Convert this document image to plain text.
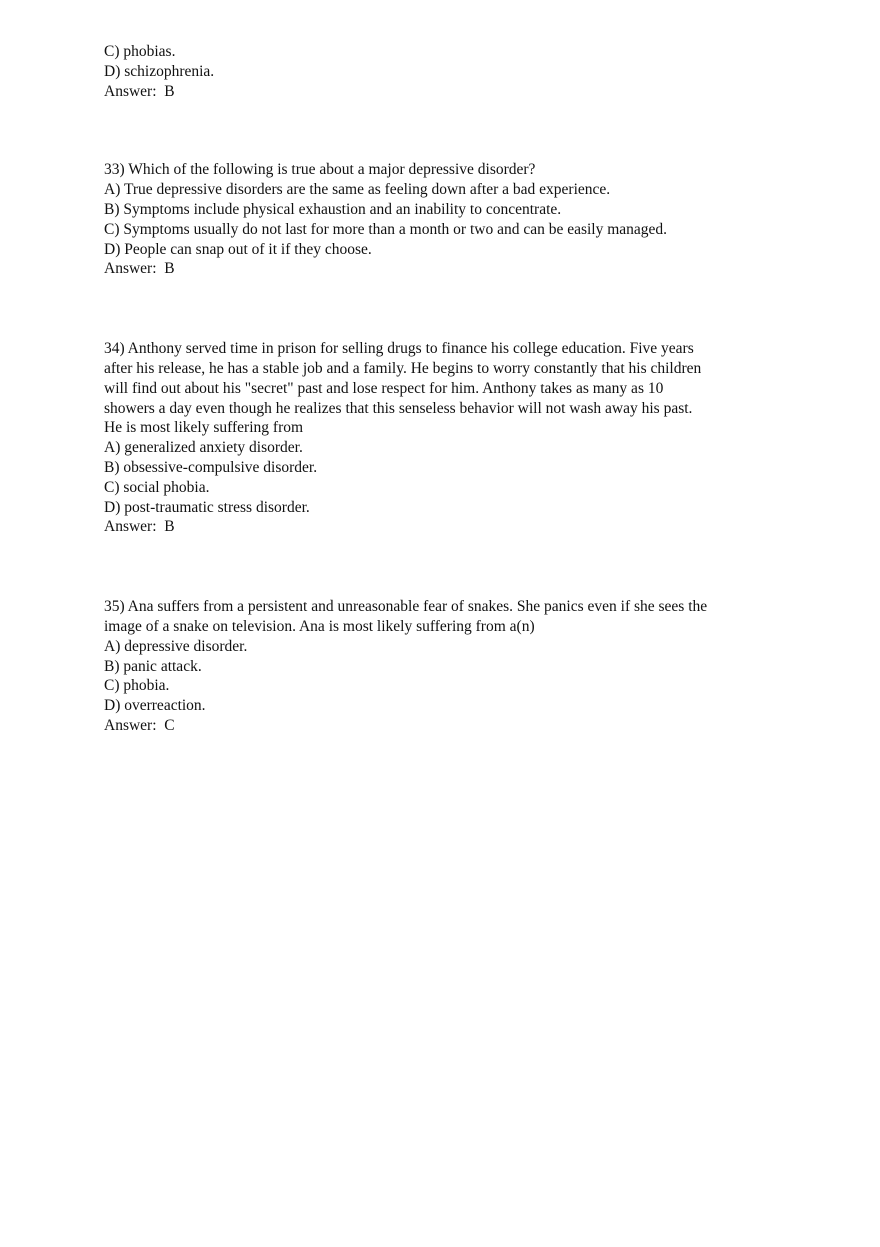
C) phobias.
D) schizophrenia.
Answer:  B
33) Which of the following is true about a major depressive disorder?
A) True depressive disorders are the same as feeling down after a bad experience.
B) Symptoms include physical exhaustion and an inability to concentrate.
C) Symptoms usually do not last for more than a month or two and can be easily managed.
D) People can snap out of it if they choose.
Answer:  B
34) Anthony served time in prison for selling drugs to finance his college education. Five years
after his release, he has a stable job and a family. He begins to worry constantly that his children
will find out about his "secret" past and lose respect for him. Anthony takes as many as 10
showers a day even though he realizes that this senseless behavior will not wash away his past.
He is most likely suffering from
A) generalized anxiety disorder.
B) obsessive-compulsive disorder.
C) social phobia.
D) post-traumatic stress disorder.
Answer:  B
35) Ana suffers from a persistent and unreasonable fear of snakes. She panics even if she sees the
image of a snake on television. Ana is most likely suffering from a(n)
A) depressive disorder.
B) panic attack.
C) phobia.
D) overreaction.
Answer:  C
